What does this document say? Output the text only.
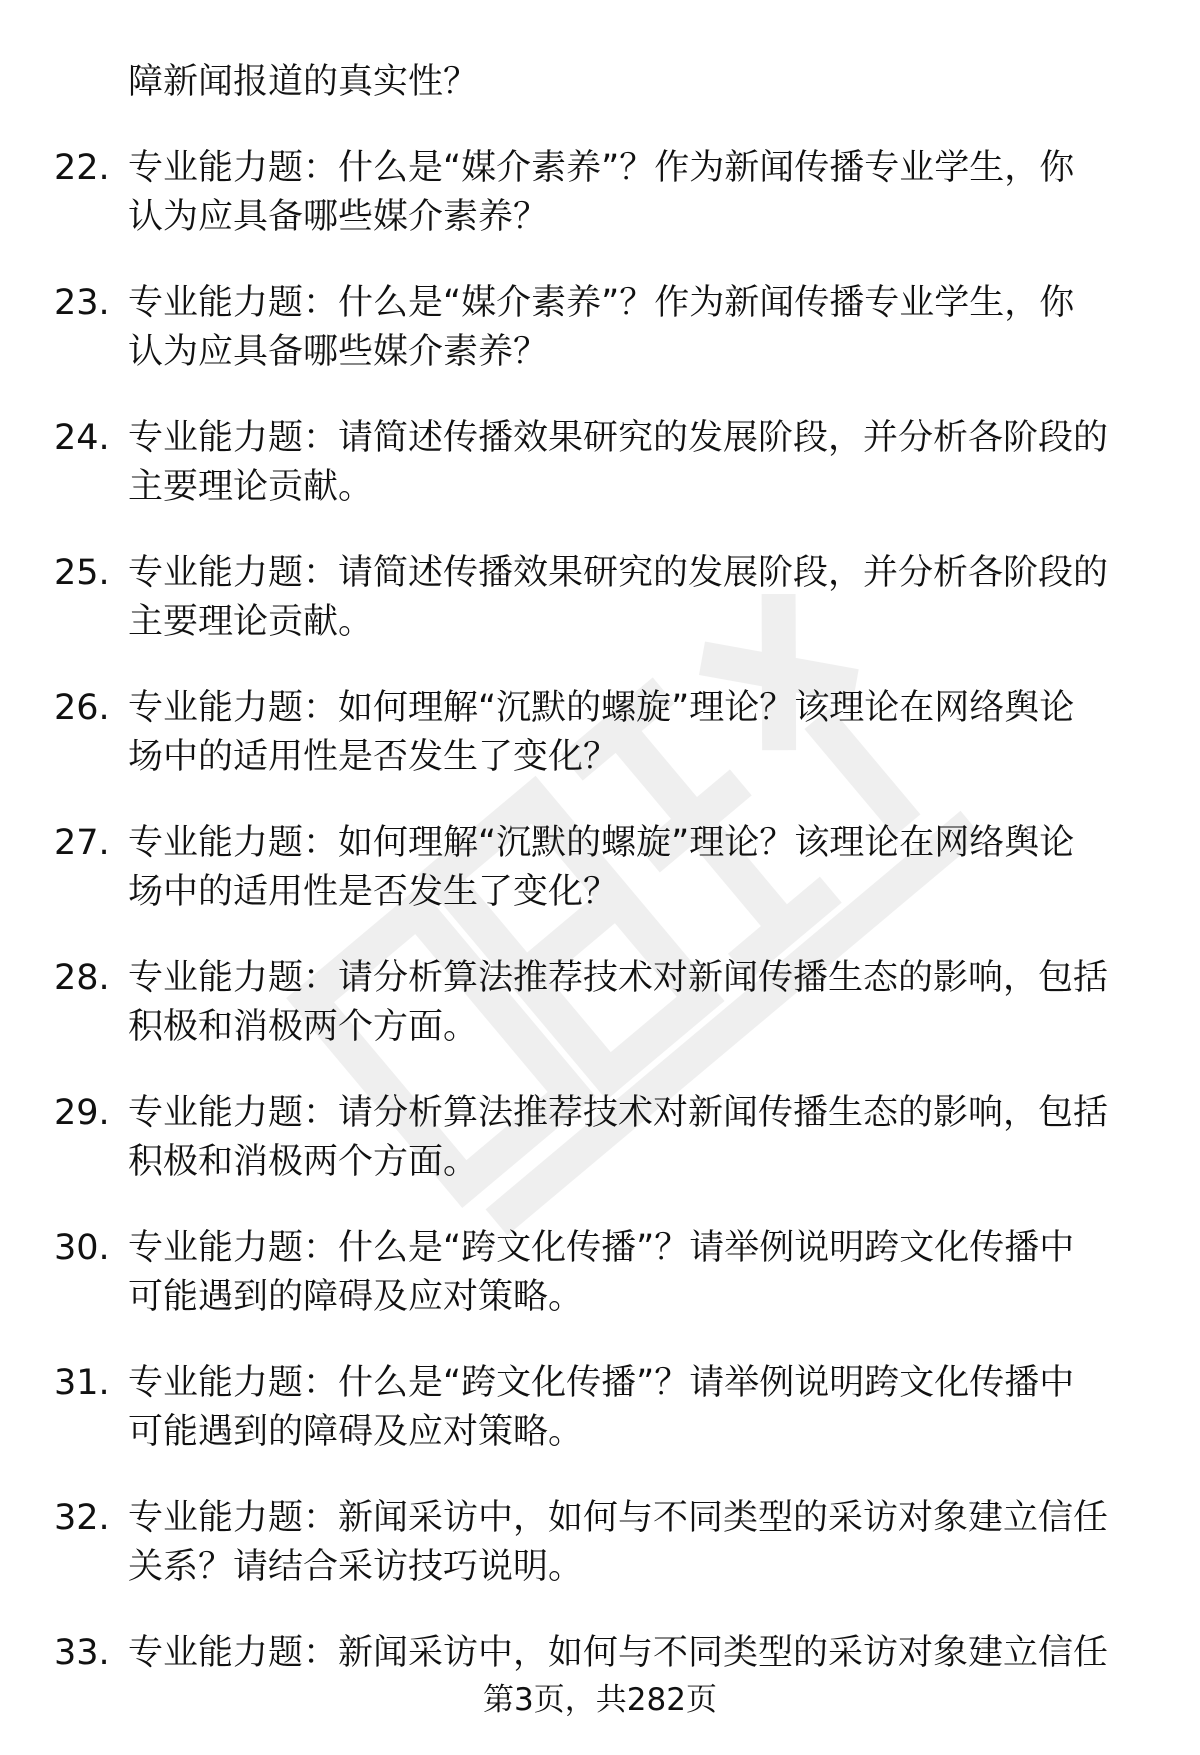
障新闻报道的真实性？
22. 专业能力题：什么是“媒介素养”？作为新闻传播专业学生，你
认为应具备哪些媒介素养？
23. 专业能力题：什么是“媒介素养”？作为新闻传播专业学生，你
认为应具备哪些媒介素养？
24. 专业能力题：请简述传播效果研究的发展阶段，并分析各阶段的
主要理论贡献。
25. 专业能力题：请简述传播效果研究的发展阶段，并分析各阶段的
主要理论贡献。
26. 专业能力题：如何理解“沉默的螺旋”理论？该理论在网络舆论
场中的适用性是否发生了变化？
27. 专业能力题：如何理解“沉默的螺旋”理论？该理论在网络舆论
场中的适用性是否发生了变化？
28. 专业能力题：请分析算法推荐技术对新闻传播生态的影响，包括
积极和消极两个方面。
29. 专业能力题：请分析算法推荐技术对新闻传播生态的影响，包括
积极和消极两个方面。
30. 专业能力题：什么是“跨文化传播”？请举例说明跨文化传播中
可能遇到的障碍及应对策略。
31. 专业能力题：什么是“跨文化传播”？请举例说明跨文化传播中
可能遇到的障碍及应对策略。
32. 专业能力题：新闻采访中，如何与不同类型的采访对象建立信任
关系？请结合采访技巧说明。
33. 专业能力题：新闻采访中，如何与不同类型的采访对象建立信任
第3页，共282页
